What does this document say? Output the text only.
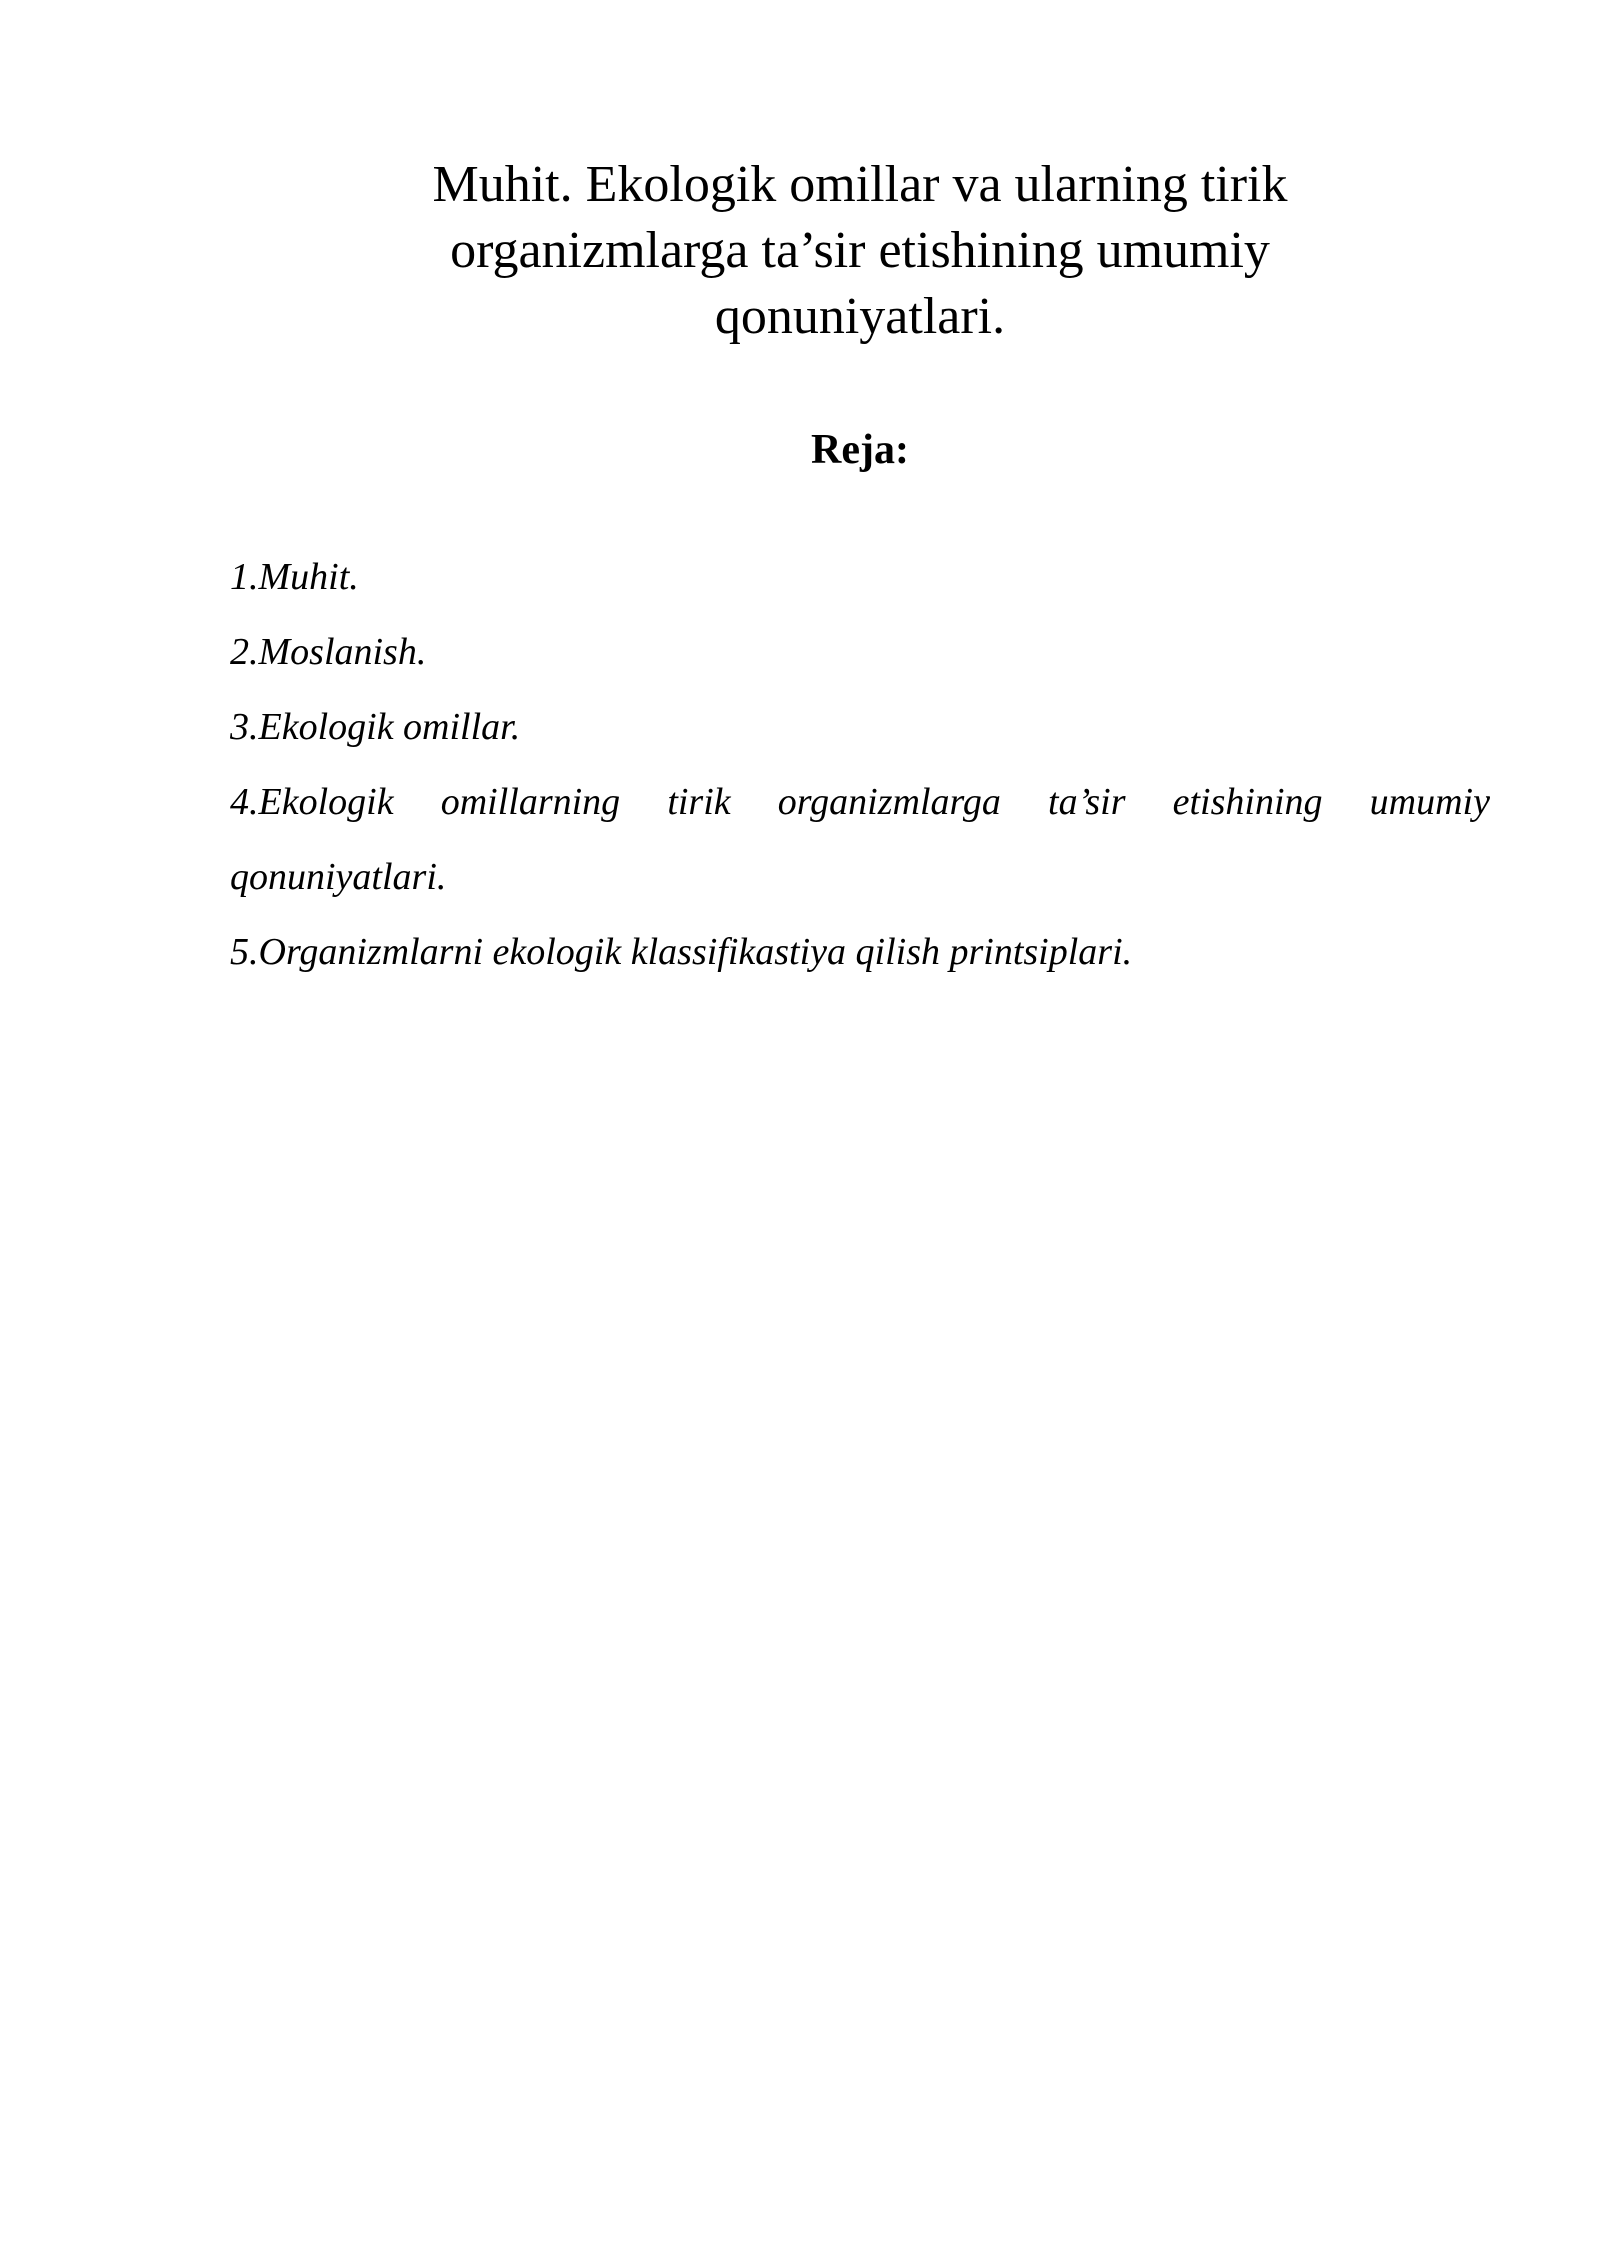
Muhit. Ekologik omillar va ularning tirik
organizmlarga ta’sir etishining umumiy
qonuniyatlari.
Reja:
1.Muhit.
2.Moslanish.
3.Ekologik omillar.
4.Ekologik omillarning tirik organizmlarga ta’sir etishining umumiy
qonuniyatlari.
5.Organizmlarni ekologik klassifikastiya qilish printsiplari.
